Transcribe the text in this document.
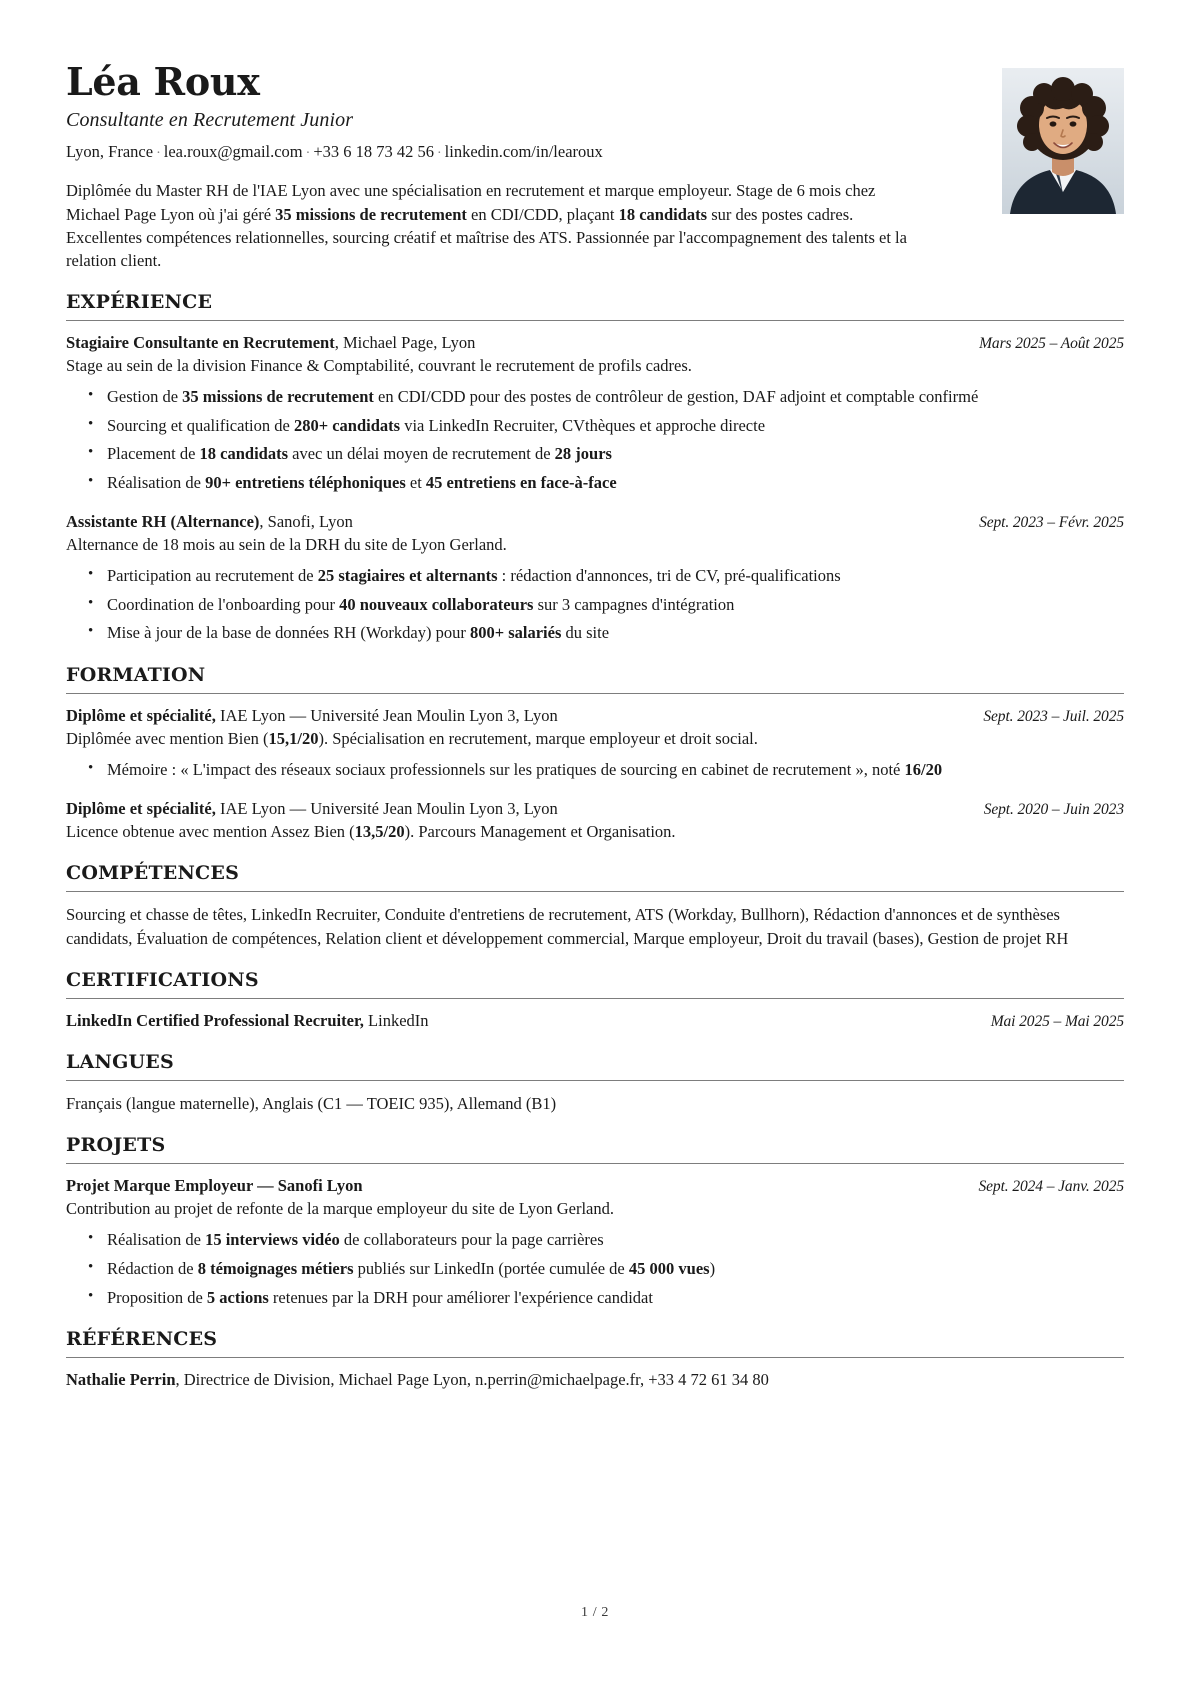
Léa Roux
Consultante en Recrutement Junior
Lyon, France · lea.roux@gmail.com · +33 6 18 73 42 56 · linkedin.com/in/learoux

Diplômée du Master RH de l'IAE Lyon avec une spécialisation en recrutement et marque employeur. Stage de 6 mois chez Michael Page Lyon où j'ai géré 35 missions de recrutement en CDI/CDD, plaçant 18 candidats sur des postes cadres. Excellentes compétences relationnelles, sourcing créatif et maîtrise des ATS. Passionnée par l'accompagnement des talents et la relation client.

EXPÉRIENCE
Stagiaire Consultante en Recrutement, Michael Page, Lyon	Mars 2025 – Août 2025
Stage au sein de la division Finance & Comptabilité, couvrant le recrutement de profils cadres.
• Gestion de 35 missions de recrutement en CDI/CDD pour des postes de contrôleur de gestion, DAF adjoint et comptable confirmé
• Sourcing et qualification de 280+ candidats via LinkedIn Recruiter, CVthèques et approche directe
• Placement de 18 candidats avec un délai moyen de recrutement de 28 jours
• Réalisation de 90+ entretiens téléphoniques et 45 entretiens en face-à-face
Assistante RH (Alternance), Sanofi, Lyon	Sept. 2023 – Févr. 2025
Alternance de 18 mois au sein de la DRH du site de Lyon Gerland.
• Participation au recrutement de 25 stagiaires et alternants : rédaction d'annonces, tri de CV, pré-qualifications
• Coordination de l'onboarding pour 40 nouveaux collaborateurs sur 3 campagnes d'intégration
• Mise à jour de la base de données RH (Workday) pour 800+ salariés du site
FORMATION
Diplôme et spécialité, IAE Lyon — Université Jean Moulin Lyon 3, Lyon	Sept. 2023 – Juil. 2025
Diplômée avec mention Bien (15,1/20). Spécialisation en recrutement, marque employeur et droit social.
• Mémoire : « L'impact des réseaux sociaux professionnels sur les pratiques de sourcing en cabinet de recrutement », noté 16/20
Diplôme et spécialité, IAE Lyon — Université Jean Moulin Lyon 3, Lyon	Sept. 2020 – Juin 2023
Licence obtenue avec mention Assez Bien (13,5/20). Parcours Management et Organisation.
COMPÉTENCES

Sourcing et chasse de têtes, LinkedIn Recruiter, Conduite d'entretiens de recrutement, ATS (Workday, Bullhorn), Rédaction d'annonces et de synthèses candidats, Évaluation de compétences, Relation client et développement commercial, Marque employeur, Droit du travail (bases), Gestion de projet RH

CERTIFICATIONS
LinkedIn Certified Professional Recruiter, LinkedIn	Mai 2025 – Mai 2025
LANGUES

Français (langue maternelle), Anglais (C1 — TOEIC 935), Allemand (B1)

PROJETS
Projet Marque Employeur — Sanofi Lyon	Sept. 2024 – Janv. 2025
Contribution au projet de refonte de la marque employeur du site de Lyon Gerland.
• Réalisation de 15 interviews vidéo de collaborateurs pour la page carrières
• Rédaction de 8 témoignages métiers publiés sur LinkedIn (portée cumulée de 45 000 vues)
• Proposition de 5 actions retenues par la DRH pour améliorer l'expérience candidat
RÉFÉRENCES
Nathalie Perrin, Directrice de Division, Michael Page Lyon, n.perrin@michaelpage.fr, +33 4 72 61 34 80
1 / 2
